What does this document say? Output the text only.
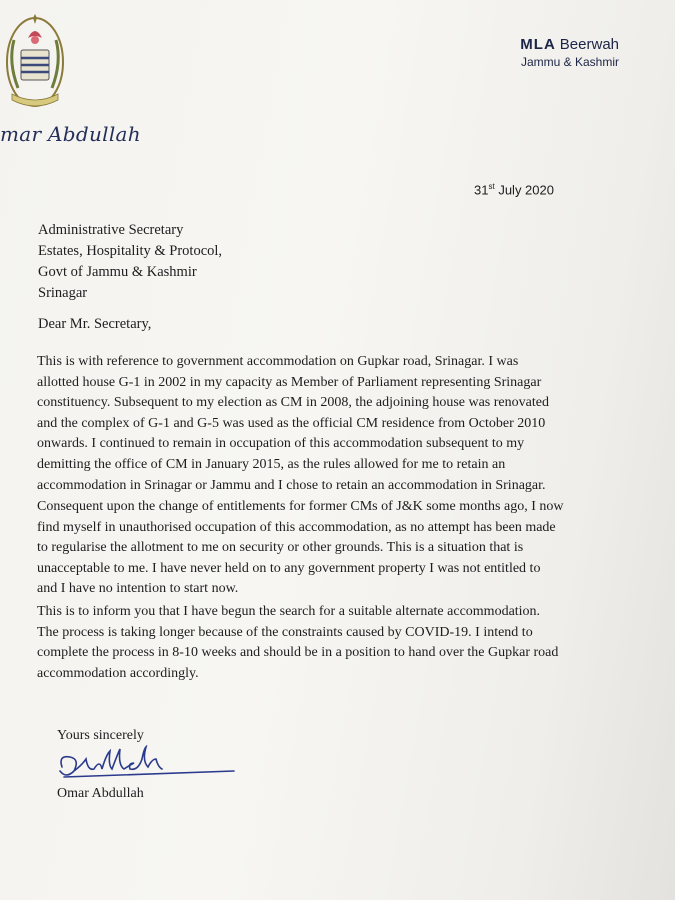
mar Abdullah
MLA Beerwah
Jammu & Kashmir
31st July 2020
Administrative Secretary
Estates, Hospitality & Protocol,
Govt of Jammu & Kashmir
Srinagar
Dear Mr. Secretary,
This is with reference to government accommodation on Gupkar road, Srinagar. I was
allotted house G-1 in 2002 in my capacity as Member of Parliament representing Srinagar
constituency. Subsequent to my election as CM in 2008, the adjoining house was renovated
and the complex of G-1 and G-5 was used as the official CM residence from October 2010
onwards. I continued to remain in occupation of this accommodation subsequent to my
demitting the office of CM in January 2015, as the rules allowed for me to retain an
accommodation in Srinagar or Jammu and I chose to retain an accommodation in Srinagar.
Consequent upon the change of entitlements for former CMs of J&K some months ago, I now
find myself in unauthorised occupation of this accommodation, as no attempt has been made
to regularise the allotment to me on security or other grounds. This is a situation that is
unacceptable to me. I have never held on to any government property I was not entitled to
and I have no intention to start now.
This is to inform you that I have begun the search for a suitable alternate accommodation.
The process is taking longer because of the constraints caused by COVID-19. I intend to
complete the process in 8-10 weeks and should be in a position to hand over the Gupkar road
accommodation accordingly.
Yours sincerely
Omar Abdullah
